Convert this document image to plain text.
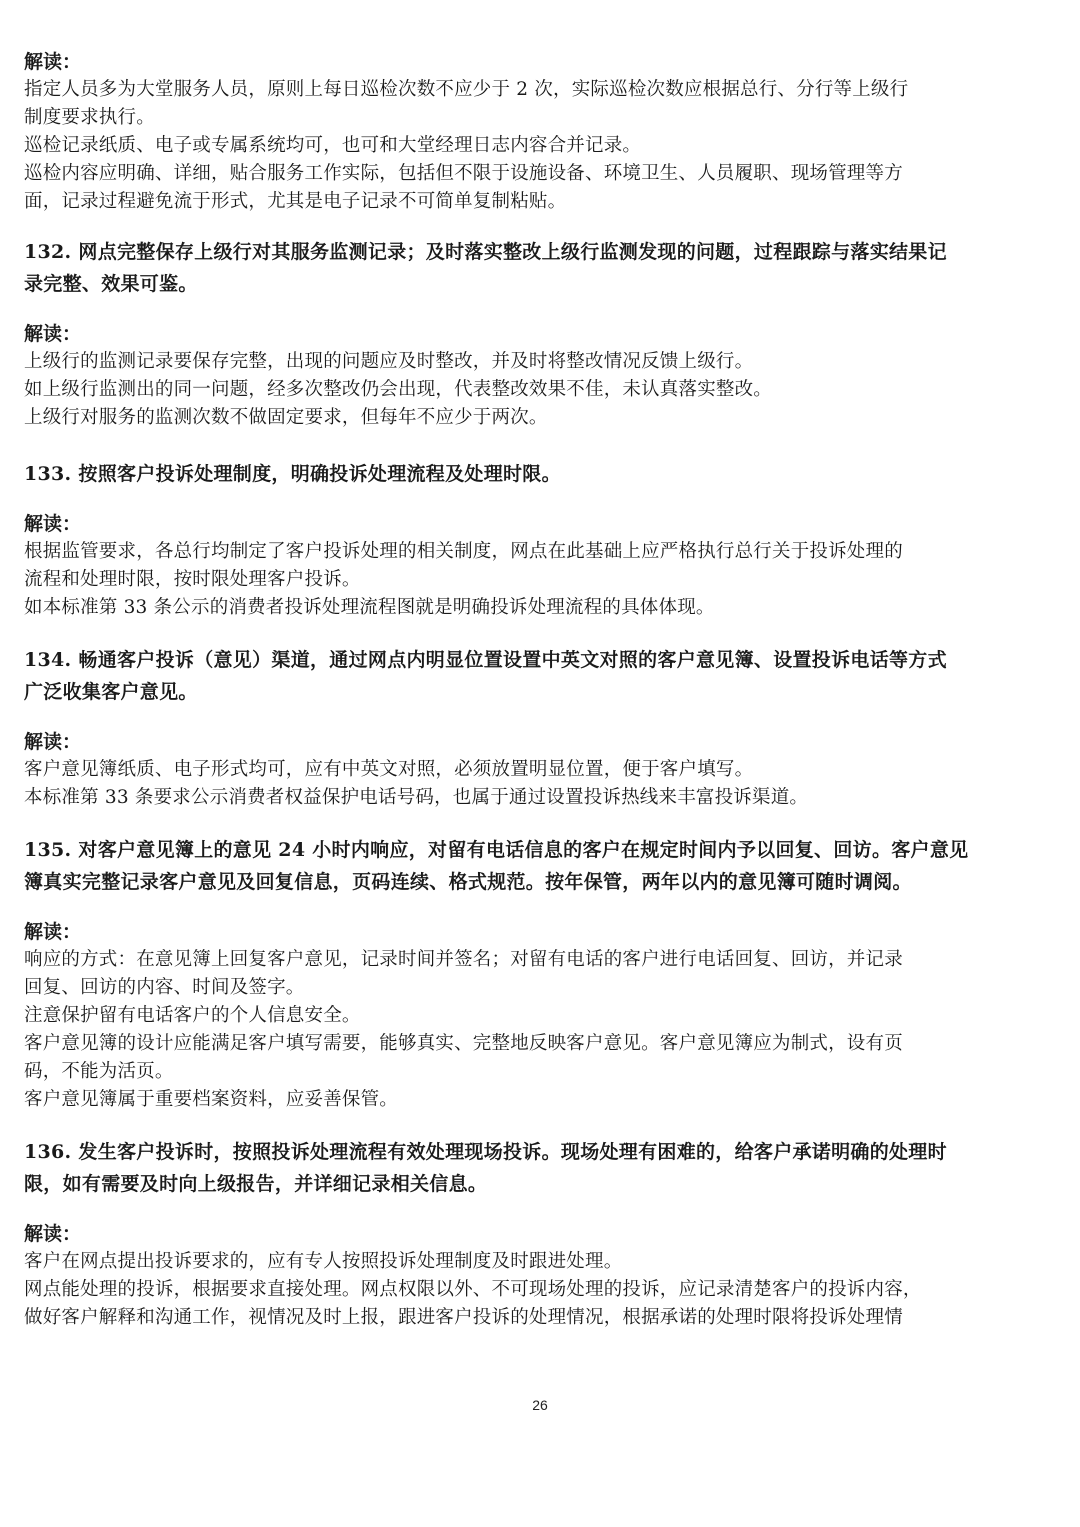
解读：

指定人员多为大堂服务人员，原则上每日巡检次数不应少于 2 次，实际巡检次数应根据总行、分行等上级行

制度要求执行。

巡检记录纸质、电子或专属系统均可，也可和大堂经理日志内容合并记录。

巡检内容应明确、详细，贴合服务工作实际，包括但不限于设施设备、环境卫生、人员履职、现场管理等方

面，记录过程避免流于形式，尤其是电子记录不可简单复制粘贴。

132. 网点完整保存上级行对其服务监测记录；及时落实整改上级行监测发现的问题，过程跟踪与落实结果记

录完整、效果可鉴。

解读：

上级行的监测记录要保存完整，出现的问题应及时整改，并及时将整改情况反馈上级行。

如上级行监测出的同一问题，经多次整改仍会出现，代表整改效果不佳，未认真落实整改。

上级行对服务的监测次数不做固定要求，但每年不应少于两次。

133. 按照客户投诉处理制度，明确投诉处理流程及处理时限。

解读：

根据监管要求，各总行均制定了客户投诉处理的相关制度，网点在此基础上应严格执行总行关于投诉处理的

流程和处理时限，按时限处理客户投诉。

如本标准第 33 条公示的消费者投诉处理流程图就是明确投诉处理流程的具体体现。

134. 畅通客户投诉（意见）渠道，通过网点内明显位置设置中英文对照的客户意见簿、设置投诉电话等方式

广泛收集客户意见。

解读：

客户意见簿纸质、电子形式均可，应有中英文对照，必须放置明显位置，便于客户填写。

本标准第 33 条要求公示消费者权益保护电话号码，也属于通过设置投诉热线来丰富投诉渠道。

135. 对客户意见簿上的意见 24 小时内响应，对留有电话信息的客户在规定时间内予以回复、回访。客户意见

簿真实完整记录客户意见及回复信息，页码连续、格式规范。按年保管，两年以内的意见簿可随时调阅。

解读：

响应的方式：在意见簿上回复客户意见，记录时间并签名；对留有电话的客户进行电话回复、回访，并记录

回复、回访的内容、时间及签字。

注意保护留有电话客户的个人信息安全。

客户意见簿的设计应能满足客户填写需要，能够真实、完整地反映客户意见。客户意见簿应为制式，设有页

码，不能为活页。

客户意见簿属于重要档案资料，应妥善保管。

136. 发生客户投诉时，按照投诉处理流程有效处理现场投诉。现场处理有困难的，给客户承诺明确的处理时

限，如有需要及时向上级报告，并详细记录相关信息。

解读：

客户在网点提出投诉要求的，应有专人按照投诉处理制度及时跟进处理。

网点能处理的投诉，根据要求直接处理。网点权限以外、不可现场处理的投诉，应记录清楚客户的投诉内容，

做好客户解释和沟通工作，视情况及时上报，跟进客户投诉的处理情况，根据承诺的处理时限将投诉处理情

26
